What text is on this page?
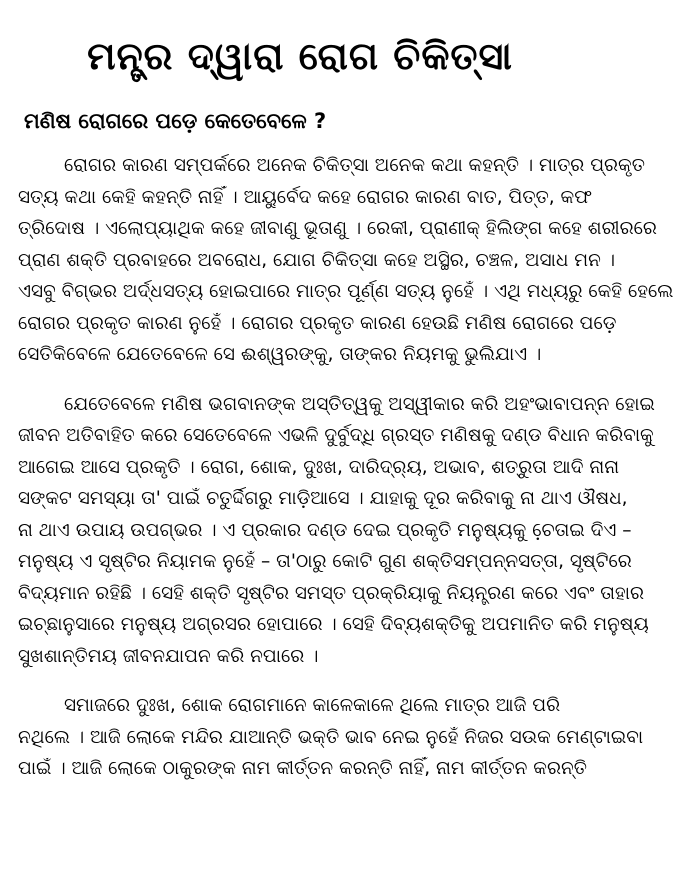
ମନ୍ତ୍ର ଦ୍ୱାରା ରୋଗ ଚିକିତ୍ସା
ମଣିଷ ରୋଗରେ ପଡ଼େ କେତେବେଳେ ?

ରୋଗର କାରଣ ସମ୍ପର୍କରେ ଅନେକ ଚିକିତ୍ସା ଅନେକ କଥା କହନ୍ତି । ମାତ୍ର ପ୍ରକୃତ
ସତ୍ୟ କଥା କେହି କହନ୍ତି ନାହିଁ । ଆୟୁର୍ବେଦ କହେ ରୋଗର କାରଣ ବାତ, ପିତ୍ତ, କଫ
ତ୍ରିଦୋଷ । ଏଲୋପ୍ୟାଥିକ କହେ ଜୀବାଣୁ ଭୂତାଣୁ । ରେକୀ, ପ୍ରାଣୀକ୍ ହିଲିଙ୍ଗ କହେ ଶରୀରରେ
ପ୍ରାଣ ଶକ୍ତି ପ୍ରବାହରେ ଅବରୋଧ, ଯୋଗ ଚିକିତ୍ସା କହେ ଅସ୍ଥିର, ଚଞ୍ଚଳ, ଅସାଧ ମନ ।
ଏସବୁ ବିଗ୍ଭର ଅର୍ଦ୍ଧସତ୍ୟ ହୋଇପାରେ ମାତ୍ର ପୂର୍ଣ୍ଣ ସତ୍ୟ ନୁହେଁ । ଏଥି ମଧ୍ୟରୁ କେହି ହେଲେ
ରୋଗର ପ୍ରକୃତ କାରଣ ନୁହେଁ । ରୋଗର ପ୍ରକୃତ କାରଣ ହେଉଛି ମଣିଷ ରୋଗରେ ପଡ଼େ
ସେତିକିବେଳେ ଯେତେବେଳେ ସେ ଈଶ୍ୱରଙ୍କୁ, ତାଙ୍କର ନିୟମକୁ ଭୁଲିଯାଏ ।

ଯେତେବେଳେ ମଣିଷ ଭଗବାନଙ୍କ ଅସ୍ତିତ୍ୱକୁ ଅସ୍ୱୀକାର କରି ଅହଂଭାବାପନ୍ନ ହୋଇ
ଜୀବନ ଅତିବାହିତ କରେ ସେତେବେଳେ ଏଭଳି ଦୁର୍ବୁଦ୍ଧି ଗ୍ରସ୍ତ ମଣିଷକୁ ଦଣ୍ଡ ବିଧାନ କରିବାକୁ
ଆଗେଇ ଆସେ ପ୍ରକୃତି । ରୋଗ, ଶୋକ, ଦୁଃଖ, ଦାରିଦ୍ର୍ୟ, ଅଭାବ, ଶତ୍ରୁତା ଆଦି ନାନା
ସଙ୍କଟ ସମସ୍ୟା ତା' ପାଇଁ ଚତୁର୍ଦ୍ଦିଗରୁ ମାଡ଼ିଆସେ । ଯାହାକୁ ଦୂର କରିବାକୁ ନା ଥାଏ ଔଷଧ,
ନା ଥାଏ ଉପାୟ ଉପଗ୍ଭର । ଏ ପ୍ରକାର ଦଣ୍ଡ ଦେଇ ପ୍ରକୃତି ମନୁଷ୍ୟକୁ ଚେ଼ତାଇ ଦିଏ –
ମନୁଷ୍ୟ ଏ ସୃଷ୍ଟିର ନିୟାମକ ନୁହେଁ – ତା'ଠାରୁ କୋଟି ଗୁଣ ଶକ୍ତିସମ୍ପନ୍ନସତ୍ତା, ସୃଷ୍ଟିରେ
ବିଦ୍ୟମାନ ରହିଛି । ସେହି ଶକ୍ତି ସୃଷ୍ଟିର ସମସ୍ତ ପ୍ରକ୍ରିୟାକୁ ନିୟନ୍ତ୍ରଣ କରେ ଏବଂ ତାହାର
ଇଚ୍ଛାନୁସାରେ ମନୁଷ୍ୟ ଅଗ୍ରସର ହୋପାରେ । ସେହି ଦିବ୍ୟଶକ୍ତିକୁ ଅପମାନିତ କରି ମନୁଷ୍ୟ
ସୁଖଶାନ୍ତିମୟ ଜୀବନଯାପନ କରି ନପାରେ ।

ସମାଜରେ ଦୁଃଖ, ଶୋକ ରୋଗମାନେ କାଳେକାଳେ ଥିଲେ ମାତ୍ର ଆଜି ପରି
ନଥିଲେ । ଆଜି ଲୋକେ ମନ୍ଦିର ଯାଆନ୍ତି ଭକ୍ତି ଭାବ ନେଇ ନୁହେଁ ନିଜର ସଉକ ମେଣ୍ଟାଇବା
ପାଇଁ । ଆଜି ଲୋକେ ଠାକୁରଙ୍କ ନାମ କୀର୍ତ୍ତନ କରନ୍ତି ନାହିଁ, ନାମ କୀର୍ତ୍ତନ କରନ୍ତି
